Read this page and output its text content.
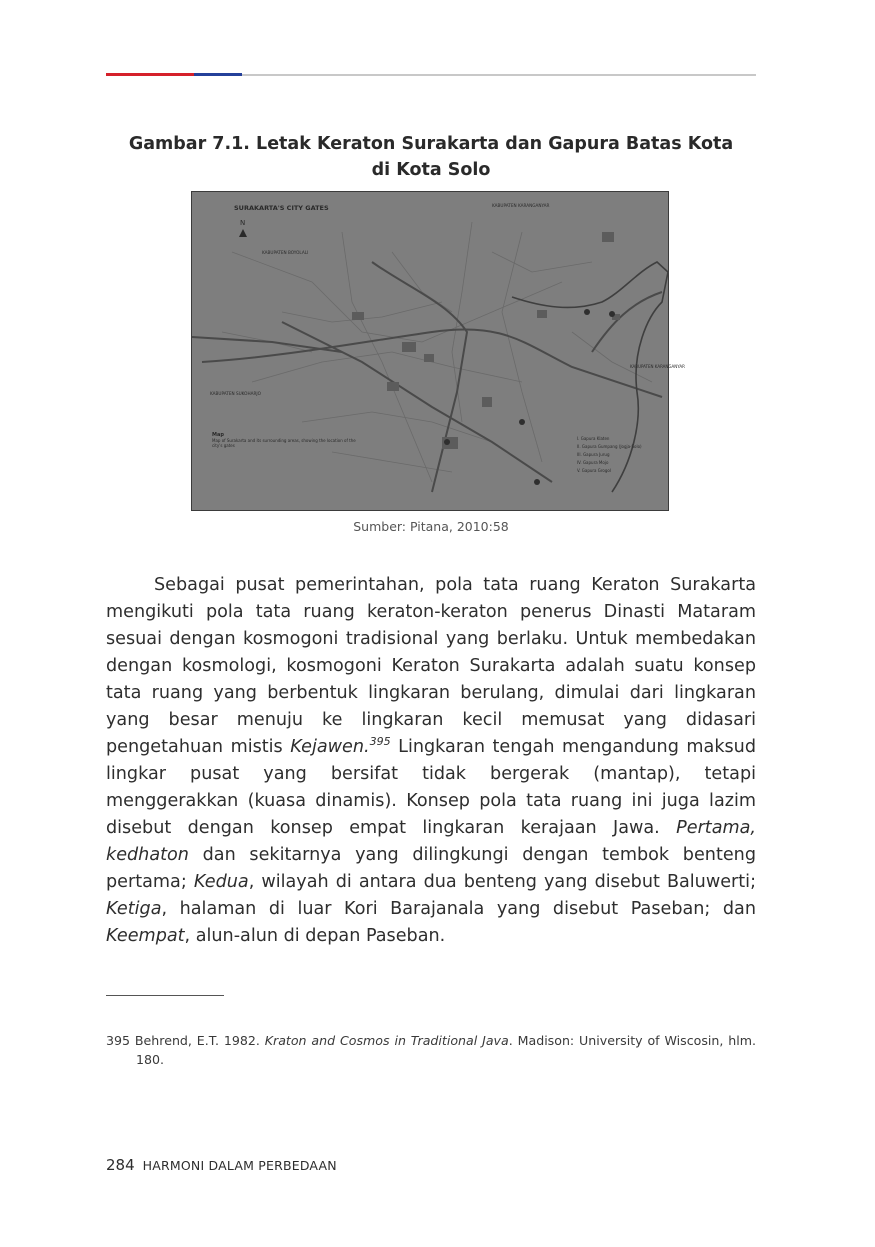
Gambar 7.1. Letak Keraton Surakarta dan Gapura Batas Kota
di Kota Solo
SURAKARTA'S CITY GATES	KABUPATEN KARANGANYAR
KABUPATEN BOYOLALI
KABUPATEN SUKOHARJO
KABUPATEN KARANGANYAR
N
Map
Map of Surakarta and its surrounding areas, showing the location of the city's gates
I. Gapura Klaten
II. Gapura Gumpang (Jogja-Solo)
III. Gapura Jurug
IV. Gapura Mojo
V. Gapura Grogol
Sumber: Pitana, 2010:58

Sebagai pusat pemerintahan, pola tata ruang Keraton Surakarta mengikuti pola tata ruang keraton-keraton penerus Dinasti Mataram sesuai dengan kosmogoni tradisional yang berlaku. Untuk membedakan dengan kosmologi, kosmogoni Keraton Surakarta adalah suatu konsep tata ruang yang berbentuk lingkaran berulang, dimulai dari lingkaran yang besar menuju ke lingkaran kecil memusat yang didasari pengetahuan mistis Kejawen.$^{395}$ Lingkaran tengah mengandung maksud lingkar pusat yang bersifat tidak bergerak (mantap), tetapi menggerakkan (kuasa dinamis). Konsep pola tata ruang ini juga lazim disebut dengan konsep empat lingkaran kerajaan Jawa. Pertama, kedhaton dan sekitarnya yang dilingkungi dengan tembok benteng pertama; Kedua, wilayah di antara dua benteng yang disebut Baluwerti; Ketiga, halaman di luar Kori Barajanala yang disebut Paseban; dan Keempat, alun-alun di depan Paseban.

395 Behrend, E.T. 1982. Kraton and Cosmos in Traditional Java. Madison: University of Wiscosin, hlm. 180.
284 HARMONI DALAM PERBEDAAN
